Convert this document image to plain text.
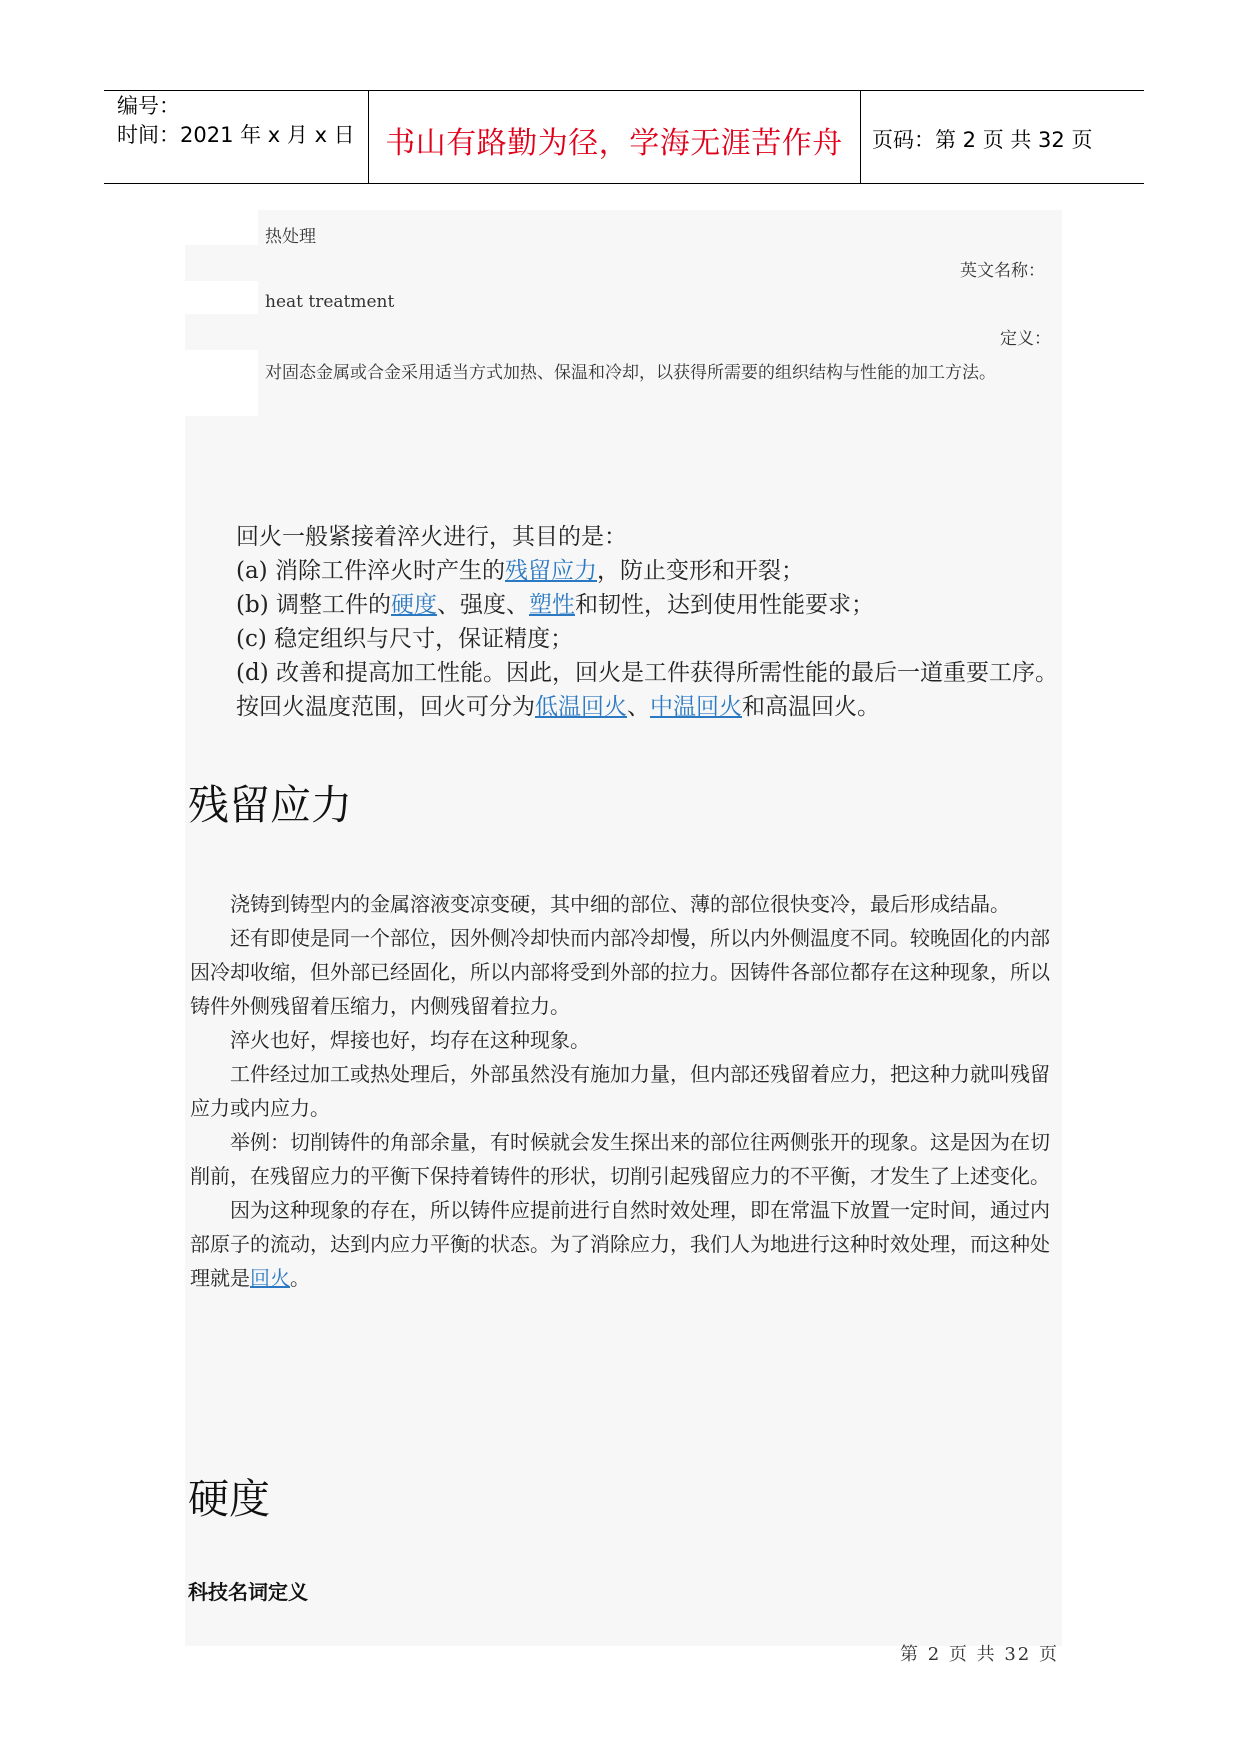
编号：
时间：2021 年 x 月 x 日	书山有路勤为径，学海无涯苦作舟	页码：第 2 页 共 32 页
热处理
英文名称：
heat treatment
定义：
对固态金属或合金采用适当方式加热、保温和冷却，以获得所需要的组织结构与性能的加工方法。
回火一般紧接着淬火进行，其目的是：
(a) 消除工件淬火时产生的残留应力，防止变形和开裂；
(b) 调整工件的硬度、强度、塑性和韧性，达到使用性能要求；
(c) 稳定组织与尺寸，保证精度；
(d) 改善和提高加工性能。因此，回火是工件获得所需性能的最后一道重要工序。
按回火温度范围，回火可分为低温回火、中温回火和高温回火。
残留应力
浇铸到铸型内的金属溶液变凉变硬，其中细的部位、薄的部位很快变冷，最后形成结晶。
还有即使是同一个部位，因外侧冷却快而内部冷却慢，所以内外侧温度不同。较晚固化的内部因冷却收缩，但外部已经固化，所以内部将受到外部的拉力。因铸件各部位都存在这种现象，所以铸件外侧残留着压缩力，内侧残留着拉力。
淬火也好，焊接也好，均存在这种现象。
工件经过加工或热处理后，外部虽然没有施加力量，但内部还残留着应力，把这种力就叫残留应力或内应力。
举例：切削铸件的角部余量，有时候就会发生探出来的部位往两侧张开的现象。这是因为在切削前，在残留应力的平衡下保持着铸件的形状，切削引起残留应力的不平衡，才发生了上述变化。
因为这种现象的存在，所以铸件应提前进行自然时效处理，即在常温下放置一定时间，通过内部原子的流动，达到内应力平衡的状态。为了消除应力，我们人为地进行这种时效处理，而这种处理就是回火。
硬度
科技名词定义
第 2 页 共 32 页
